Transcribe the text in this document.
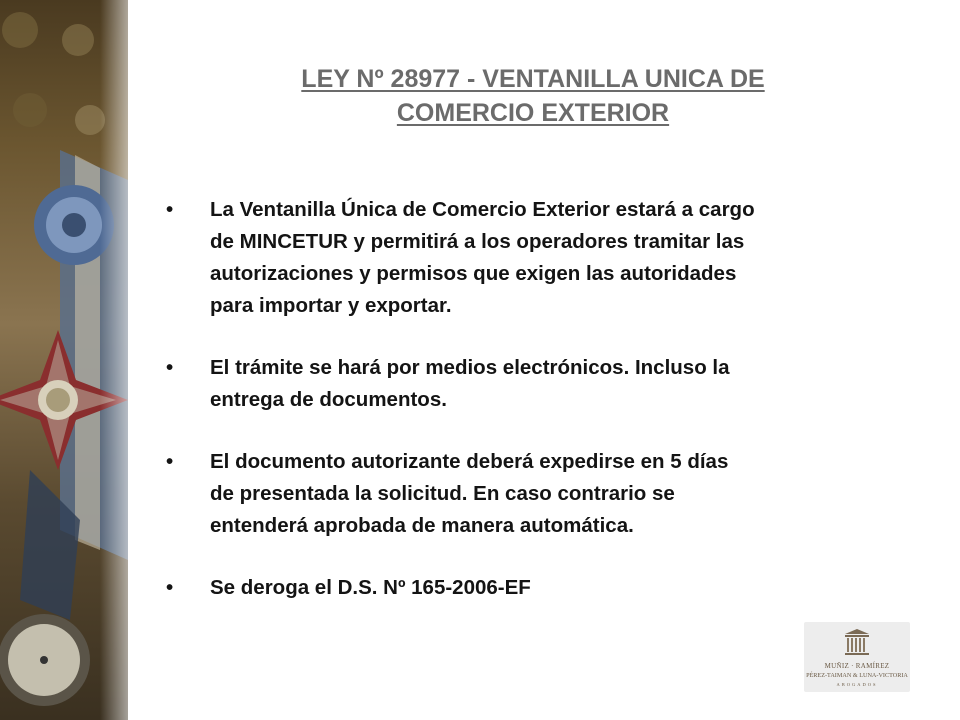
LEY Nº 28977 - VENTANILLA UNICA DE
COMERCIO EXTERIOR
• La Ventanilla Única de Comercio Exterior estará a cargo
de MINCETUR y permitirá a los operadores tramitar las
autorizaciones y permisos que exigen las autoridades
para importar y exportar.
• El trámite se hará por medios electrónicos. Incluso la
entrega de documentos.
• El documento autorizante deberá expedirse en 5 días
de presentada la solicitud. En caso contrario se
entenderá aprobada de manera automática.
• Se deroga el D.S. Nº 165-2006-EF
MUÑIZ · RAMÍREZ
PÉREZ-TAIMAN & LUNA-VICTORIA
ABOGADOS
